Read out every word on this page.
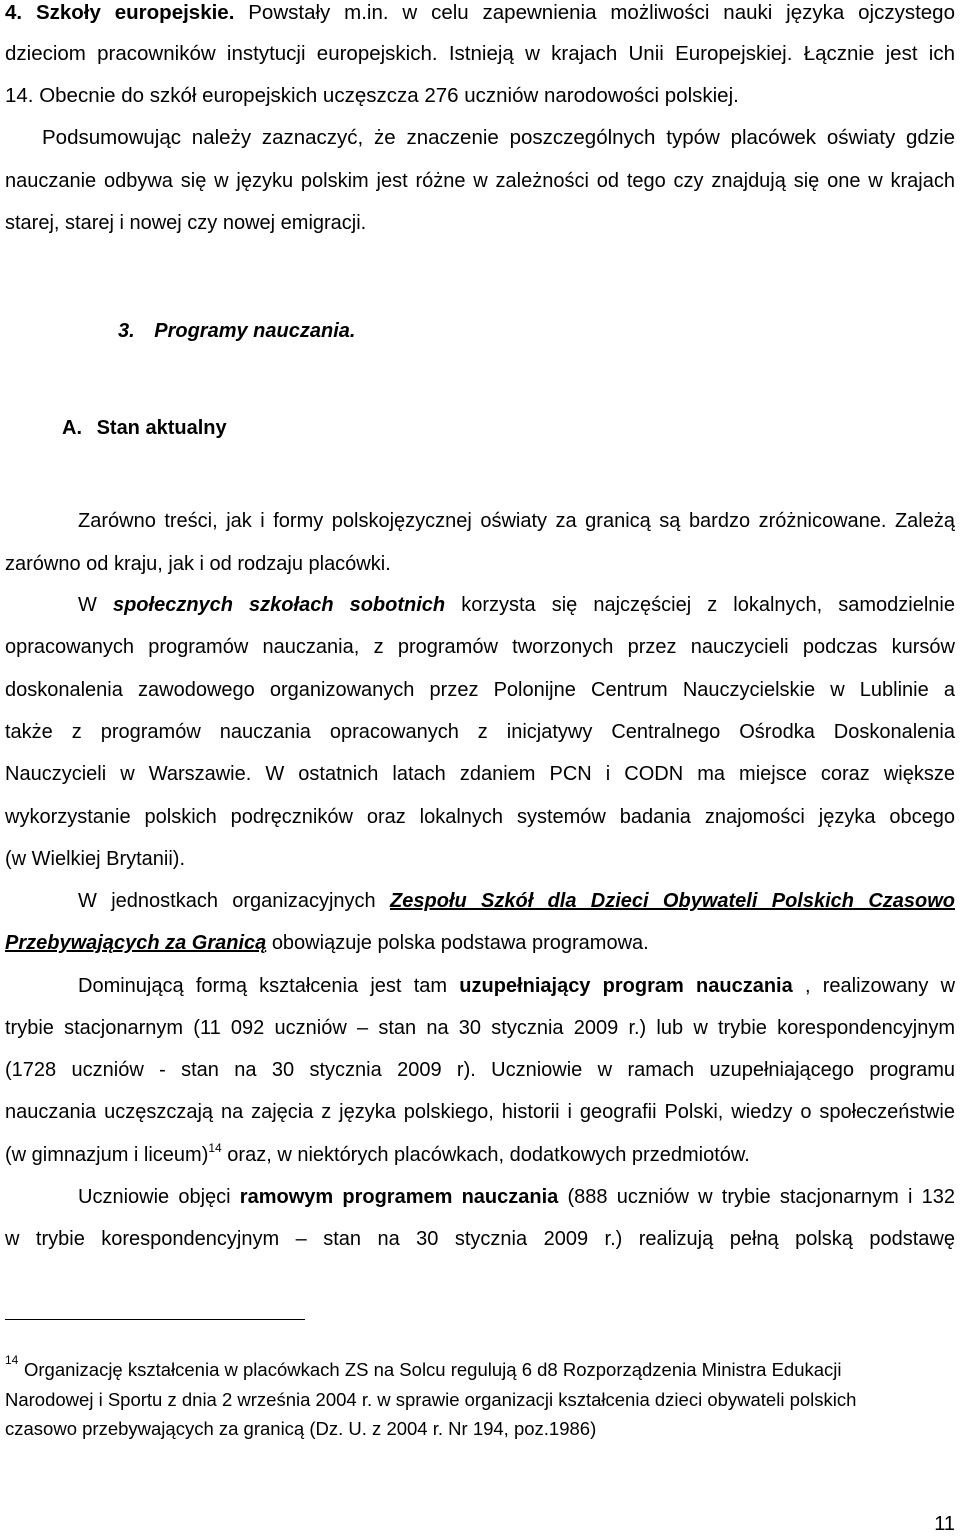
4. Szkoły europejskie. Powstały m.in. w celu zapewnienia możliwości nauki języka ojczystego
dzieciom pracowników instytucji europejskich. Istnieją w krajach Unii Europejskiej. Łącznie jest ich
14. Obecnie do szkół europejskich uczęszcza 276 uczniów narodowości polskiej.
Podsumowując należy zaznaczyć, że znaczenie poszczególnych typów placówek oświaty gdzie
nauczanie odbywa się w języku polskim jest różne w zależności od tego czy znajdują się one w krajach
starej, starej i nowej czy nowej emigracji.
3. Programy nauczania.
A. Stan aktualny
Zarówno treści, jak i formy polskojęzycznej oświaty za granicą są bardzo zróżnicowane. Zależą
zarówno od kraju, jak i od rodzaju placówki.
W społecznych szkołach sobotnich korzysta się najczęściej z lokalnych, samodzielnie
opracowanych programów nauczania, z programów tworzonych przez nauczycieli podczas kursów
doskonalenia zawodowego organizowanych przez Polonijne Centrum Nauczycielskie w Lublinie a
także z programów nauczania opracowanych z inicjatywy Centralnego Ośrodka Doskonalenia
Nauczycieli w Warszawie. W ostatnich latach zdaniem PCN i CODN ma miejsce coraz większe
wykorzystanie polskich podręczników oraz lokalnych systemów badania znajomości języka obcego
(w Wielkiej Brytanii).
W jednostkach organizacyjnych Zespołu Szkół dla Dzieci Obywateli Polskich Czasowo
Przebywających za Granicą obowiązuje polska podstawa programowa.
Dominującą formą kształcenia jest tam uzupełniający program nauczania , realizowany w
trybie stacjonarnym (11 092 uczniów – stan na 30 stycznia 2009 r.) lub w trybie korespondencyjnym
(1728 uczniów - stan na 30 stycznia 2009 r). Uczniowie w ramach uzupełniającego programu
nauczania uczęszczają na zajęcia z języka polskiego, historii i geografii Polski, wiedzy o społeczeństwie
(w gimnazjum i liceum)$^{14}$ oraz, w niektórych placówkach, dodatkowych przedmiotów.
Uczniowie objęci ramowym programem nauczania (888 uczniów w trybie stacjonarnym i 132
w trybie korespondencyjnym – stan na 30 stycznia 2009 r.) realizują pełną polską podstawę
14 Organizację kształcenia w placówkach ZS na Solcu regulują 6 d8 Rozporządzenia Ministra Edukacji
Narodowej i Sportu z dnia 2 września 2004 r. w sprawie organizacji kształcenia dzieci obywateli polskich
czasowo przebywających za granicą (Dz. U. z 2004 r. Nr 194, poz.1986)
11
